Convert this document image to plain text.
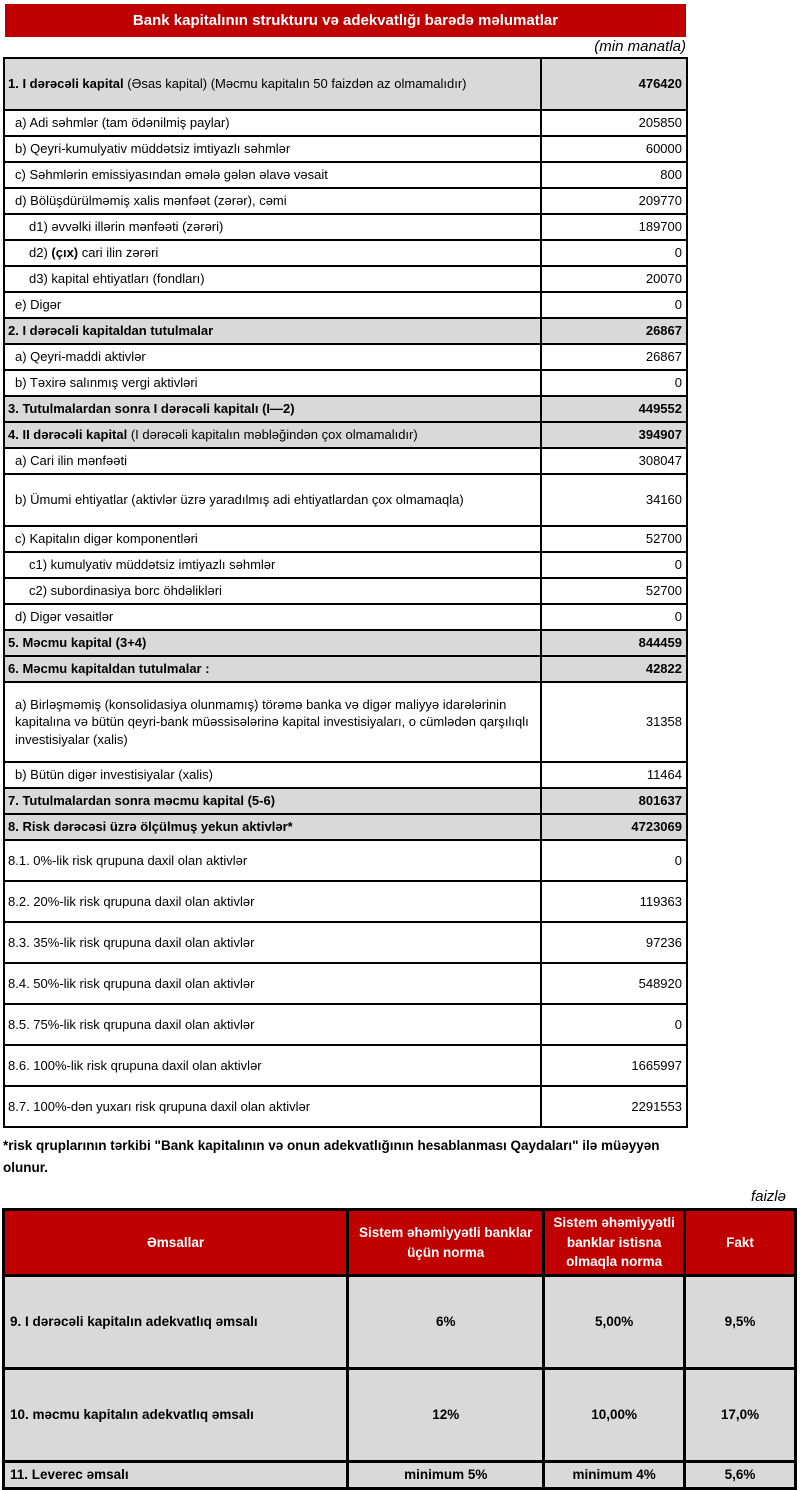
Bank kapitalının strukturu və adekvatlığı barədə məlumatlar
(min manatla)
1. I dərəcəli kapital (Əsas kapital) (Məcmu kapitalın 50 faizdən az olmamalıdır)	476420
a) Adi səhmlər (tam ödənilmiş paylar)	205850
b) Qeyri-kumulyativ müddətsiz imtiyazlı səhmlər	60000
c) Səhmlərin emissiyasından əmələ gələn əlavə vəsait	800
d) Bölüşdürülməmiş xalis mənfəət (zərər), cəmi	209770
d1) əvvəlki illərin mənfəəti (zərəri)	189700
d2) (çıx) cari ilin zərəri	0
d3) kapital ehtiyatları (fondları)	20070
e) Digər	0
2. I dərəcəli kapitaldan tutulmalar	26867
a) Qeyri-maddi aktivlər	26867
b) Təxirə salınmış vergi aktivləri	0
3. Tutulmalardan sonra I dərəcəli kapitalı (I—2)	449552
4. II dərəcəli kapital (I dərəcəli kapitalın məbləğindən çox olmamalıdır)	394907
a) Cari ilin mənfəəti	308047
b) Ümumi ehtiyatlar (aktivlər üzrə yaradılmış adi ehtiyatlardan çox olmamaqla)	34160
c) Kapitalın digər komponentləri	52700
c1) kumulyativ müddətsiz imtiyazlı səhmlər	0
c2) subordinasiya borc öhdəlikləri	52700
d) Digər vəsaitlər	0
5. Məcmu kapital (3+4)	844459
6. Məcmu kapitaldan tutulmalar :	42822
a) Birləşməmiş (konsolidasiya olunmamış) törəmə banka və digər maliyyə idarələrinin kapitalına və bütün qeyri-bank müəssisələrinə kapital investisiyaları, o cümlədən qarşılıqlı investisiyalar (xalis)	31358
b) Bütün digər investisiyalar (xalis)	11464
7. Tutulmalardan sonra məcmu kapital (5-6)	801637
8. Risk dərəcəsi üzrə ölçülmuş yekun aktivlər*	4723069
8.1. 0%-lik risk qrupuna daxil olan aktivlər	0
8.2. 20%-lik risk qrupuna daxil olan aktivlər	119363
8.3. 35%-lik risk qrupuna daxil olan aktivlər	97236
8.4. 50%-lik risk qrupuna daxil olan aktivlər	548920
8.5. 75%-lik risk qrupuna daxil olan aktivlər	0
8.6. 100%-lik risk qrupuna daxil olan aktivlər	1665997
8.7. 100%-dən yuxarı risk qrupuna daxil olan aktivlər	2291553

*risk qruplarının tərkibi "Bank kapitalının və onun adekvatlığının hesablanması Qaydaları" ilə müəyyən olunur.

faizlə
Əmsallar	Sistem əhəmiyyətli banklar üçün norma	Sistem əhəmiyyətli banklar istisna olmaqla norma	Fakt
9. I dərəcəli kapitalın adekvatlıq əmsalı	6%	5,00%	9,5%
10. məcmu kapitalın adekvatlıq əmsalı	12%	10,00%	17,0%
11. Leverec əmsalı	minimum 5%	minimum 4%	5,6%
